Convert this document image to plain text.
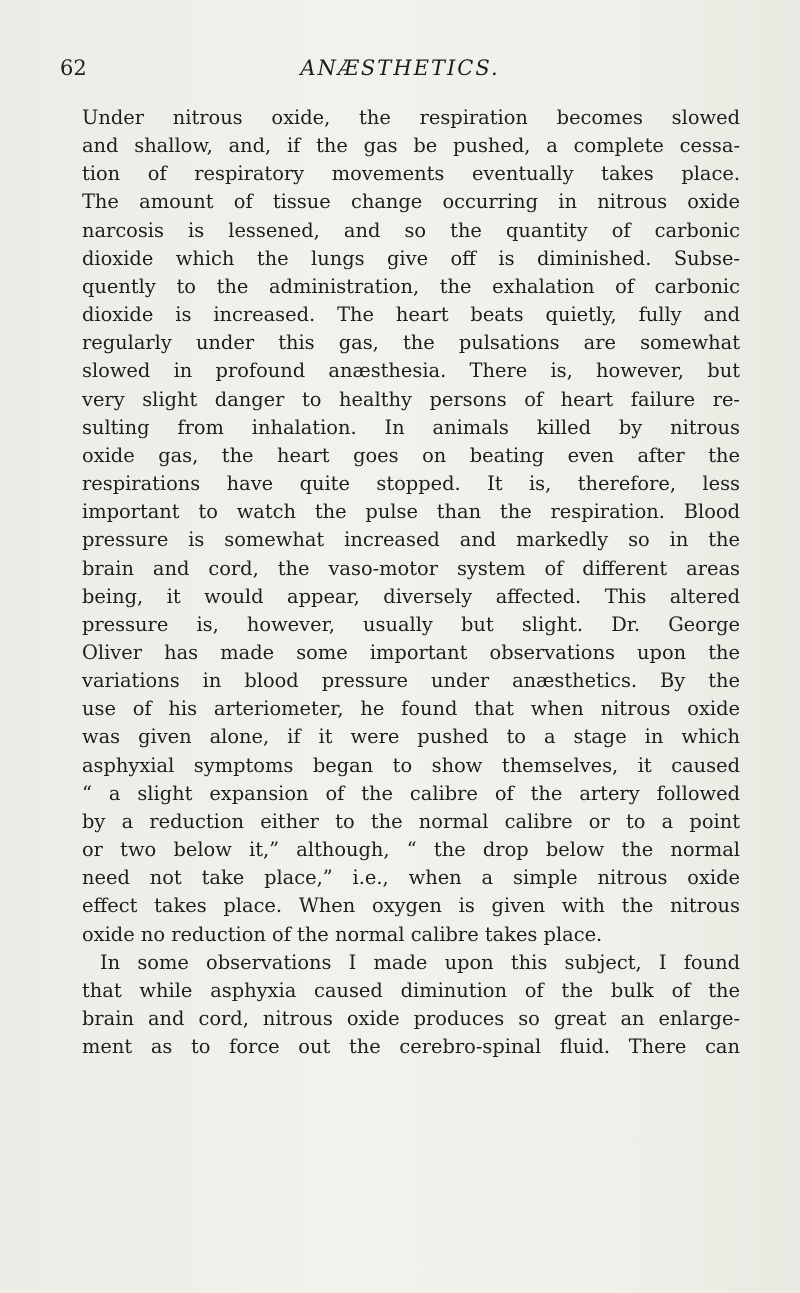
62	ANÆSTHETICS.
Under nitrous oxide, the respiration becomes slowed
and shallow, and, if the gas be pushed, a complete cessa-
tion of respiratory movements eventually takes place.
The amount of tissue change occurring in nitrous oxide
narcosis is lessened, and so the quantity of carbonic
dioxide which the lungs give off is diminished. Subse-
quently to the administration, the exhalation of carbonic
dioxide is increased. The heart beats quietly, fully and
regularly under this gas, the pulsations are somewhat
slowed in profound anæsthesia. There is, however, but
very slight danger to healthy persons of heart failure re-
sulting from inhalation. In animals killed by nitrous
oxide gas, the heart goes on beating even after the
respirations have quite stopped. It is, therefore, less
important to watch the pulse than the respiration. Blood
pressure is somewhat increased and markedly so in the
brain and cord, the vaso-motor system of different areas
being, it would appear, diversely affected. This altered
pressure is, however, usually but slight. Dr. George
Oliver has made some important observations upon the
variations in blood pressure under anæsthetics. By the
use of his arteriometer, he found that when nitrous oxide
was given alone, if it were pushed to a stage in which
asphyxial symptoms began to show themselves, it caused
“ a slight expansion of the calibre of the artery followed
by a reduction either to the normal calibre or to a point
or two below it,” although, “ the drop below the normal
need not take place,” i.e., when a simple nitrous oxide
effect takes place. When oxygen is given with the nitrous
oxide no reduction of the normal calibre takes place.
In some observations I made upon this subject, I found
that while asphyxia caused diminution of the bulk of the
brain and cord, nitrous oxide produces so great an enlarge-
ment as to force out the cerebro-spinal fluid. There can
